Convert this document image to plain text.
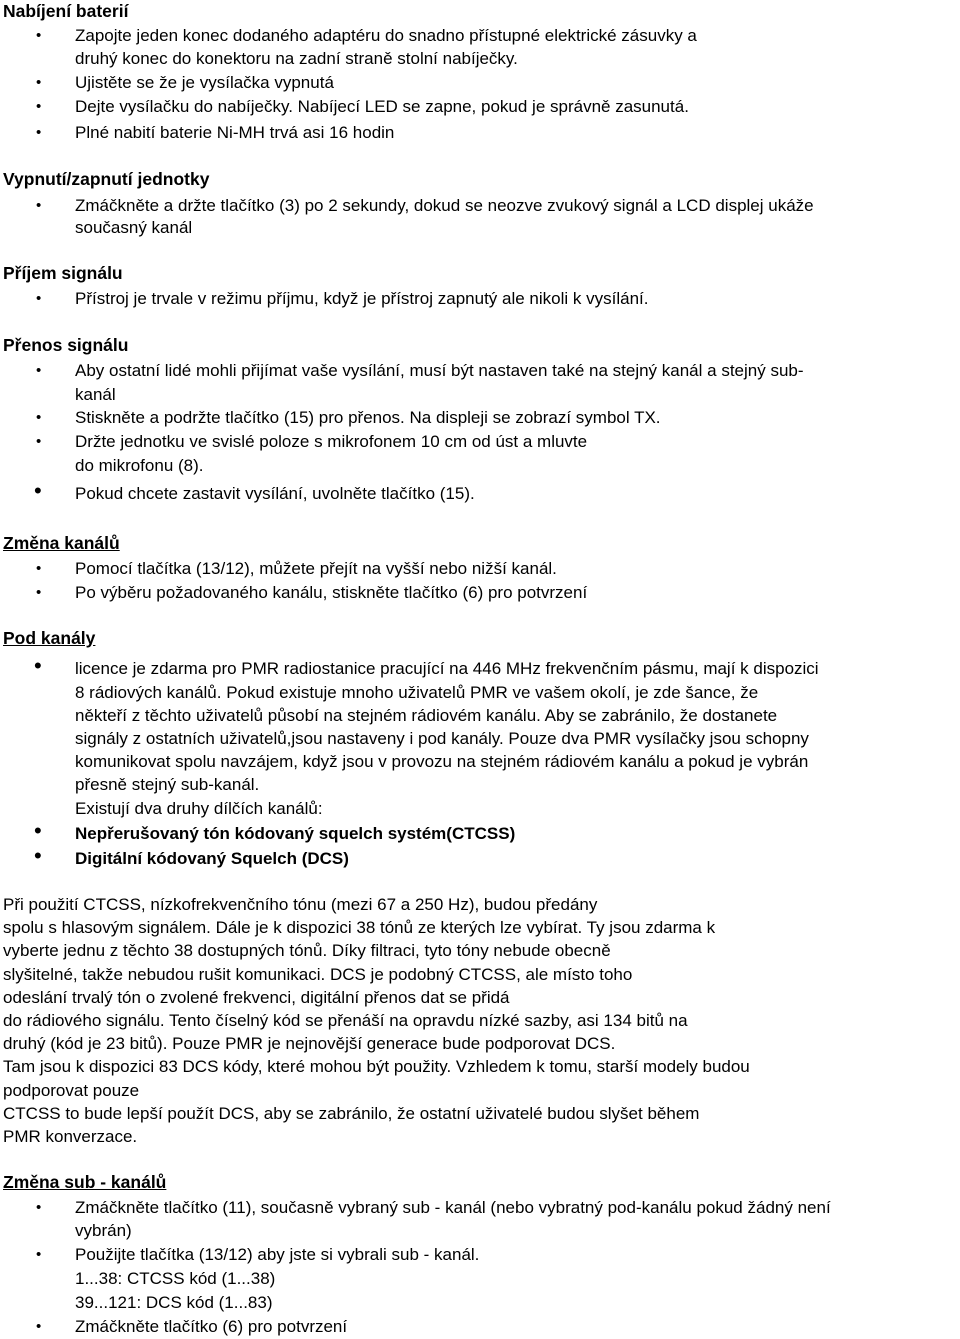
Nabíjení baterií
• Zapojte jeden konec dodaného adaptéru do snadno přístupné elektrické zásuvky a
druhý konec do konektoru na zadní straně stolní nabíječky.
• Ujistěte se že je vysílačka vypnutá
• Dejte vysílačku do nabíječky. Nabíjecí LED se zapne, pokud je správně zasunutá.
• Plné nabití baterie Ni-MH trvá asi 16 hodin
Vypnutí/zapnutí jednotky
• Zmáčkněte a držte tlačítko (3) po 2 sekundy, dokud se neozve zvukový signál a LCD displej ukáže
současný kanál
Příjem signálu
• Přístroj je trvale v režimu příjmu, když je přístroj zapnutý ale nikoli k vysílání.
Přenos signálu
• Aby ostatní lidé mohli přijímat vaše vysílání, musí být nastaven také na stejný kanál a stejný sub-
kanál
• Stiskněte a podržte tlačítko (15) pro přenos. Na displeji se zobrazí symbol TX.
• Držte jednotku ve svislé poloze s mikrofonem 10 cm od úst a mluvte
do mikrofonu (8).
• Pokud chcete zastavit vysílání, uvolněte tlačítko (15).
Změna kanálů
• Pomocí tlačítka (13/12), můžete přejít na vyšší nebo nižší kanál.
• Po výběru požadovaného kanálu, stiskněte tlačítko (6) pro potvrzení
Pod kanály
• licence je zdarma pro PMR radiostanice pracující na 446 MHz frekvenčním pásmu, mají k dispozici
8 rádiových kanálů. Pokud existuje mnoho uživatelů PMR ve vašem okolí, je zde šance, že
někteří z těchto uživatelů působí na stejném rádiovém kanálu. Aby se zabránilo, že dostanete
signály z ostatních uživatelů,jsou nastaveny i pod kanály. Pouze dva PMR vysílačky jsou schopny
komunikovat spolu navzájem, když jsou v provozu na stejném rádiovém kanálu a pokud je vybrán
přesně stejný sub-kanál.
Existují dva druhy dílčích kanálů:
• Nepřerušovaný tón kódovaný squelch systém(CTCSS)
• Digitální kódovaný Squelch (DCS)
Při použití CTCSS, nízkofrekvenčního tónu (mezi 67 a 250 Hz), budou předány
spolu s hlasovým signálem. Dále je k dispozici 38 tónů ze kterých lze vybírat. Ty jsou zdarma k
vyberte jednu z těchto 38 dostupných tónů. Díky filtraci, tyto tóny nebude obecně
slyšitelné, takže nebudou rušit komunikaci. DCS je podobný CTCSS, ale místo toho
odeslání trvalý tón o zvolené frekvenci, digitální přenos dat se přidá
do rádiového signálu. Tento číselný kód se přenáší na opravdu nízké sazby, asi 134 bitů na
druhý (kód je 23 bitů). Pouze PMR je nejnovější generace bude podporovat DCS.
Tam jsou k dispozici 83 DCS kódy, které mohou být použity. Vzhledem k tomu, starší modely budou
podporovat pouze
CTCSS to bude lepší použít DCS, aby se zabránilo, že ostatní uživatelé budou slyšet během
PMR konverzace.
Změna sub - kanálů
• Zmáčkněte tlačítko (11), současně vybraný sub - kanál (nebo vybratný pod-kanálu pokud žádný není
vybrán)
• Použijte tlačítka (13/12) aby jste si vybrali sub - kanál.
1...38: CTCSS kód (1...38)
39...121: DCS kód (1...83)
• Zmáčkněte tlačítko (6) pro potvrzení
